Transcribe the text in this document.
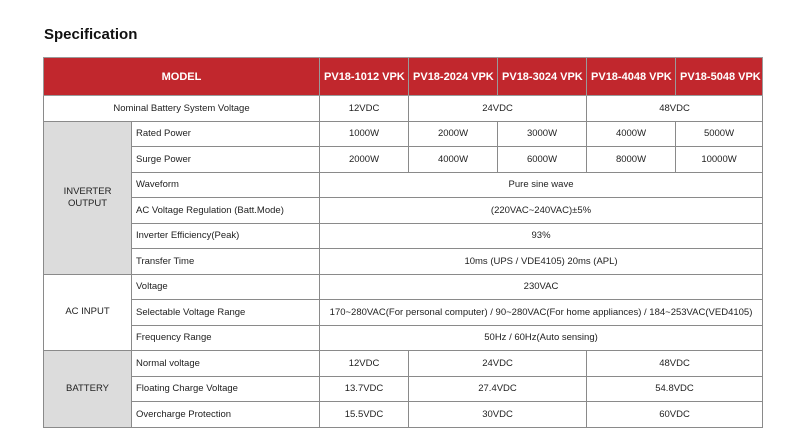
Specification
MODEL		PV18-1012 VPK	PV18-2024 VPK	PV18-3024 VPK	PV18-4048 VPK	PV18-5048 VPK
Nominal Battery System Voltage		12VDC	24VDC		48VDC	
INVERTER
OUTPUT	Rated Power	1000W	2000W	3000W	4000W	5000W
	Surge Power	2000W	4000W	6000W	8000W	10000W
	Waveform	Pure sine wave				
	AC Voltage Regulation (Batt.Mode)	(220VAC~240VAC)±5%				
	Inverter Efficiency(Peak)	93%				
	Transfer Time	10ms (UPS / VDE4105) 20ms (APL)				
AC INPUT	Voltage	230VAC				
	Selectable Voltage Range	170~280VAC(For personal computer) / 90~280VAC(For home appliances) / 184~253VAC(VED4105)				
	Frequency Range	50Hz / 60Hz(Auto sensing)				
BATTERY	Normal voltage	12VDC	24VDC		48VDC	
	Floating Charge Voltage	13.7VDC	27.4VDC		54.8VDC	
	Overcharge Protection	15.5VDC	30VDC		60VDC	
